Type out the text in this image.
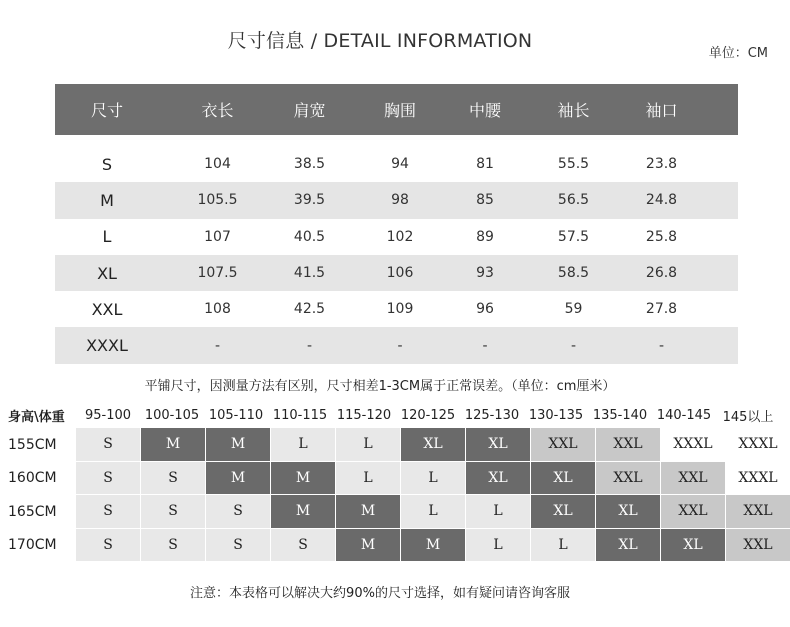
尺寸信息 / DETAIL INFORMATION
单位：CM
尺寸	衣长	肩宽	胸围	中腰	袖长	袖口
S	104	38.5	94	81	55.5	23.8
M	105.5	39.5	98	85	56.5	24.8
L	107	40.5	102	89	57.5	25.8
XL	107.5	41.5	106	93	58.5	26.8
XXL	108	42.5	109	96	59	27.8
XXXL	-	-	-	-	-	-
平铺尺寸，因测量方法有区别，尺寸相差1-3CM属于正常误差。（单位：cm厘米）
身高\体重	95-100	100-105 105-110 110-115 115-120 120-125 125-130 130-135 135-140 140-145 145以上
155CM	S	M	M	L	L	XL	XL	XXL	XXL	XXXL	XXXL
160CM	S	S	M	M	L	L	XL	XL	XXL	XXL	XXXL
165CM	S	S	S	M	M	L	L	XL	XL	XXL	XXL
170CM	S	S	S	S	M	M	L	L	XL	XL	XXL
注意：本表格可以解决大约90%的尺寸选择，如有疑问请咨询客服
